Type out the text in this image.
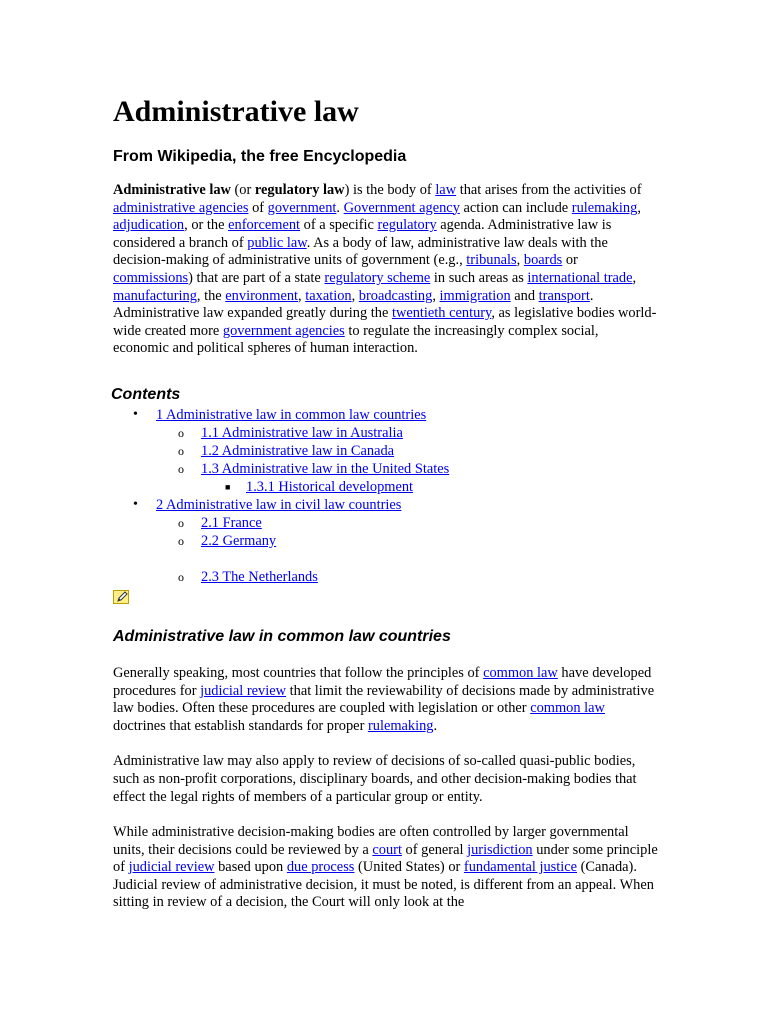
Administrative law
From Wikipedia, the free Encyclopedia

Administrative law (or regulatory law) is the body of law that arises from the activities of administrative agencies of government. Government agency action can include rulemaking, adjudication, or the enforcement of a specific regulatory agenda. Administrative law is considered a branch of public law. As a body of law, administrative law deals with the decision-making of administrative units of government (e.g., tribunals, boards or commissions) that are part of a state regulatory scheme in such areas as international trade, manufacturing, the environment, taxation, broadcasting, immigration and transport. Administrative law expanded greatly during the twentieth century, as legislative bodies world-wide created more government agencies to regulate the increasingly complex social, economic and political spheres of human interaction.

Contents
• 1 Administrative law in common law countries
o 1.1 Administrative law in Australia
o 1.2 Administrative law in Canada
o 1.3 Administrative law in the United States
■ 1.3.1 Historical development
• 2 Administrative law in civil law countries
o 2.1 France
o 2.2 Germany
o 2.3 The Netherlands
Administrative law in common law countries

Generally speaking, most countries that follow the principles of common law have developed procedures for judicial review that limit the reviewability of decisions made by administrative law bodies. Often these procedures are coupled with legislation or other common law doctrines that establish standards for proper rulemaking.

Administrative law may also apply to review of decisions of so-called quasi-public bodies, such as non-profit corporations, disciplinary boards, and other decision-making bodies that effect the legal rights of members of a particular group or entity.

While administrative decision-making bodies are often controlled by larger governmental units, their decisions could be reviewed by a court of general jurisdiction under some principle of judicial review based upon due process (United States) or fundamental justice (Canada). Judicial review of administrative decision, it must be noted, is different from an appeal. When sitting in review of a decision, the Court will only look at the
